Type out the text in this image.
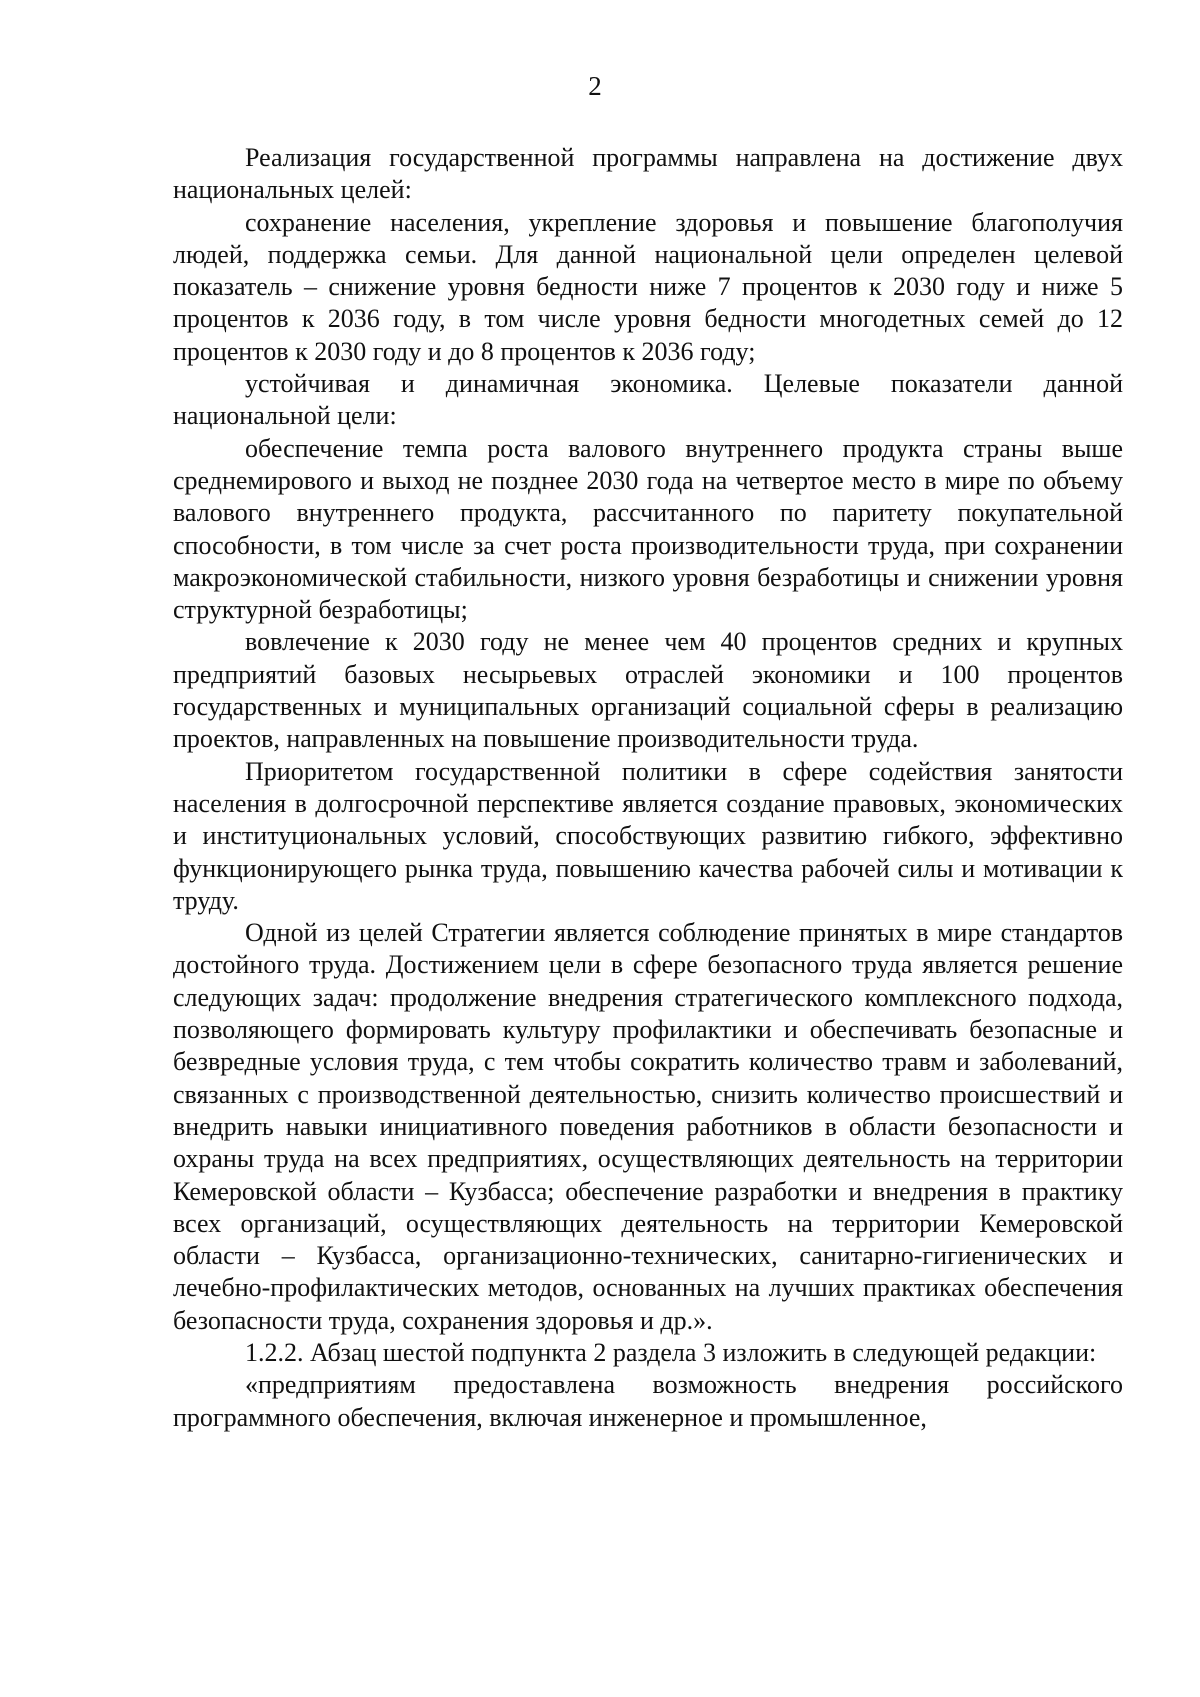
2

Реализация государственной программы направлена на достижение двух национальных целей:

сохранение населения, укрепление здоровья и повышение благополучия людей, поддержка семьи. Для данной национальной цели определен целевой показатель – снижение уровня бедности ниже 7 процентов к 2030 году и ниже 5 процентов к 2036 году, в том числе уровня бедности многодетных семей до 12 процентов к 2030 году и до 8 процентов к 2036 году;

устойчивая и динамичная экономика. Целевые показатели данной национальной цели:

обеспечение темпа роста валового внутреннего продукта страны выше среднемирового и выход не позднее 2030 года на четвертое место в мире по объему валового внутреннего продукта, рассчитанного по паритету покупательной способности, в том числе за счет роста производительности труда, при сохранении макроэкономической стабильности, низкого уровня безработицы и снижении уровня структурной безработицы;

вовлечение к 2030 году не менее чем 40 процентов средних и крупных предприятий базовых несырьевых отраслей экономики и 100 процентов государственных и муниципальных организаций социальной сферы в реализацию проектов, направленных на повышение производительности труда.

Приоритетом государственной политики в сфере содействия занятости населения в долгосрочной перспективе является создание правовых, экономических и институциональных условий, способствующих развитию гибкого, эффективно функционирующего рынка труда, повышению качества рабочей силы и мотивации к труду.

Одной из целей Стратегии является соблюдение принятых в мире стандартов достойного труда. Достижением цели в сфере безопасного труда является решение следующих задач: продолжение внедрения стратегического комплексного подхода, позволяющего формировать культуру профилактики и обеспечивать безопасные и безвредные условия труда, с тем чтобы сократить количество травм и заболеваний, связанных с производственной деятельностью, снизить количество происшествий и внедрить навыки инициативного поведения работников в области безопасности и охраны труда на всех предприятиях, осуществляющих деятельность на территории Кемеровской области – Кузбасса; обеспечение разработки и внедрения в практику всех организаций, осуществляющих деятельность на территории Кемеровской области – Кузбасса, организационно-технических, санитарно-гигиенических и лечебно-профилактических методов, основанных на лучших практиках обеспечения безопасности труда, сохранения здоровья и др.».

1.2.2. Абзац шестой подпункта 2 раздела 3 изложить в следующей редакции:

«предприятиям предоставлена возможность внедрения российского программного обеспечения, включая инженерное и промышленное,
